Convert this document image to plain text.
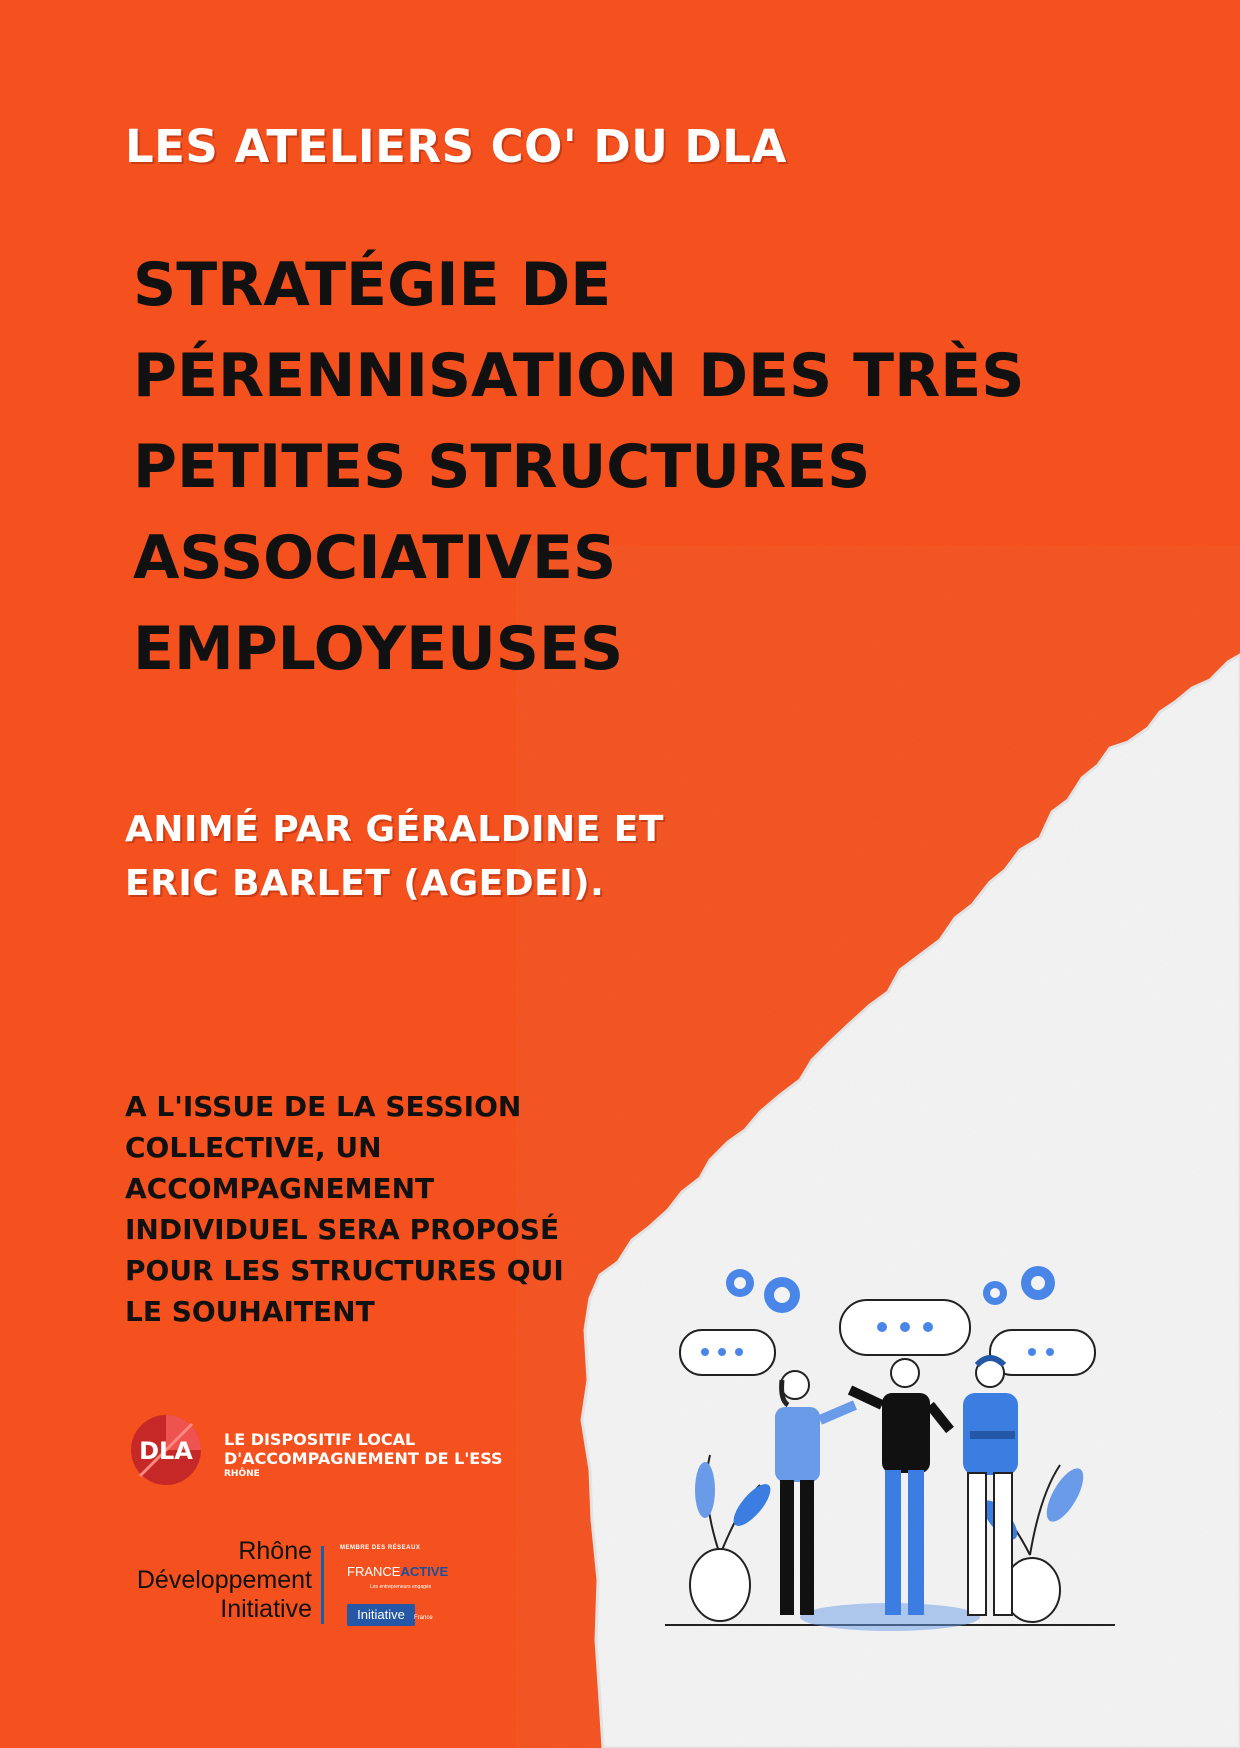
LES ATELIERS CO' DU DLA
STRATÉGIE DE
PÉRENNISATION DES TRÈS
PETITES STRUCTURES
ASSOCIATIVES
EMPLOYEUSES
ANIMÉ PAR GÉRALDINE ET
ERIC BARLET (AGEDEI).
A L'ISSUE DE LA SESSION
COLLECTIVE, UN
ACCOMPAGNEMENT
INDIVIDUEL SERA PROPOSÉ
POUR LES STRUCTURES QUI
LE SOUHAITENT
DLA LE DISPOSITIF LOCAL
D'ACCOMPAGNEMENT DE L'ESS
RHÔNE
Rhône
Développement
Initiative
MEMBRE DES RÉSEAUX
FRANCEACTIVE
Les entrepreneurs engagés
Initiative	France
